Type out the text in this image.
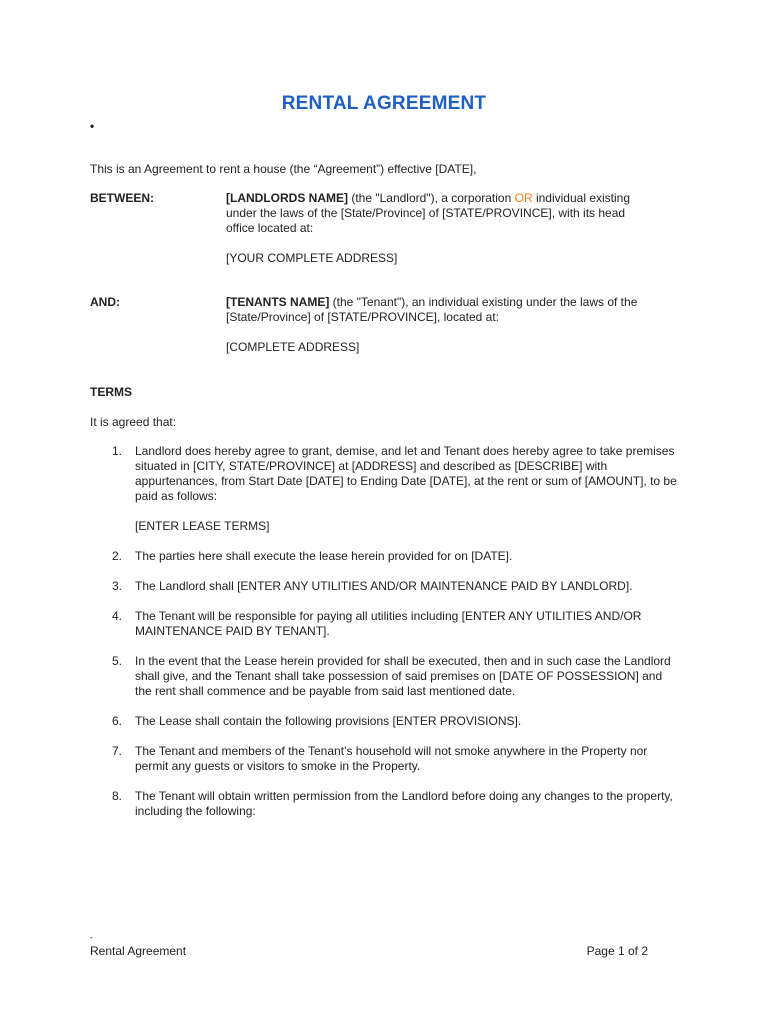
RENTAL AGREEMENT
•
This is an Agreement to rent a house (the “Agreement”) effective [DATE],
BETWEEN:	[LANDLORDS NAME] (the "Landlord"), a corporation OR individual existing under the laws of the [State/Province] of [STATE/PROVINCE], with its head office located at:

[YOUR COMPLETE ADDRESS]

AND:	[TENANTS NAME] (the "Tenant"), an individual existing under the laws of the [State/Province] of [STATE/PROVINCE], located at:

[COMPLETE ADDRESS]

TERMS
It is agreed that:
1. Landlord does hereby agree to grant, demise, and let and Tenant does hereby agree to take premises situated in [CITY, STATE/PROVINCE] at [ADDRESS] and described as [DESCRIBE] with appurtenances, from Start Date [DATE] to Ending Date [DATE], at the rent or sum of [AMOUNT], to be paid as follows:
[ENTER LEASE TERMS]
2. The parties here shall execute the lease herein provided for on [DATE].
3. The Landlord shall [ENTER ANY UTILITIES AND/OR MAINTENANCE PAID BY LANDLORD].
4. The Tenant will be responsible for paying all utilities including [ENTER ANY UTILITIES AND/OR MAINTENANCE PAID BY TENANT].
5. In the event that the Lease herein provided for shall be executed, then and in such case the Landlord shall give, and the Tenant shall take possession of said premises on [DATE OF POSSESSION] and the rent shall commence and be payable from said last mentioned date.
6. The Lease shall contain the following provisions [ENTER PROVISIONS].
7. The Tenant and members of the Tenant’s household will not smoke anywhere in the Property nor permit any guests or visitors to smoke in the Property.
8. The Tenant will obtain written permission from the Landlord before doing any changes to the property, including the following:
-
Rental Agreement	Page 1 of 2
